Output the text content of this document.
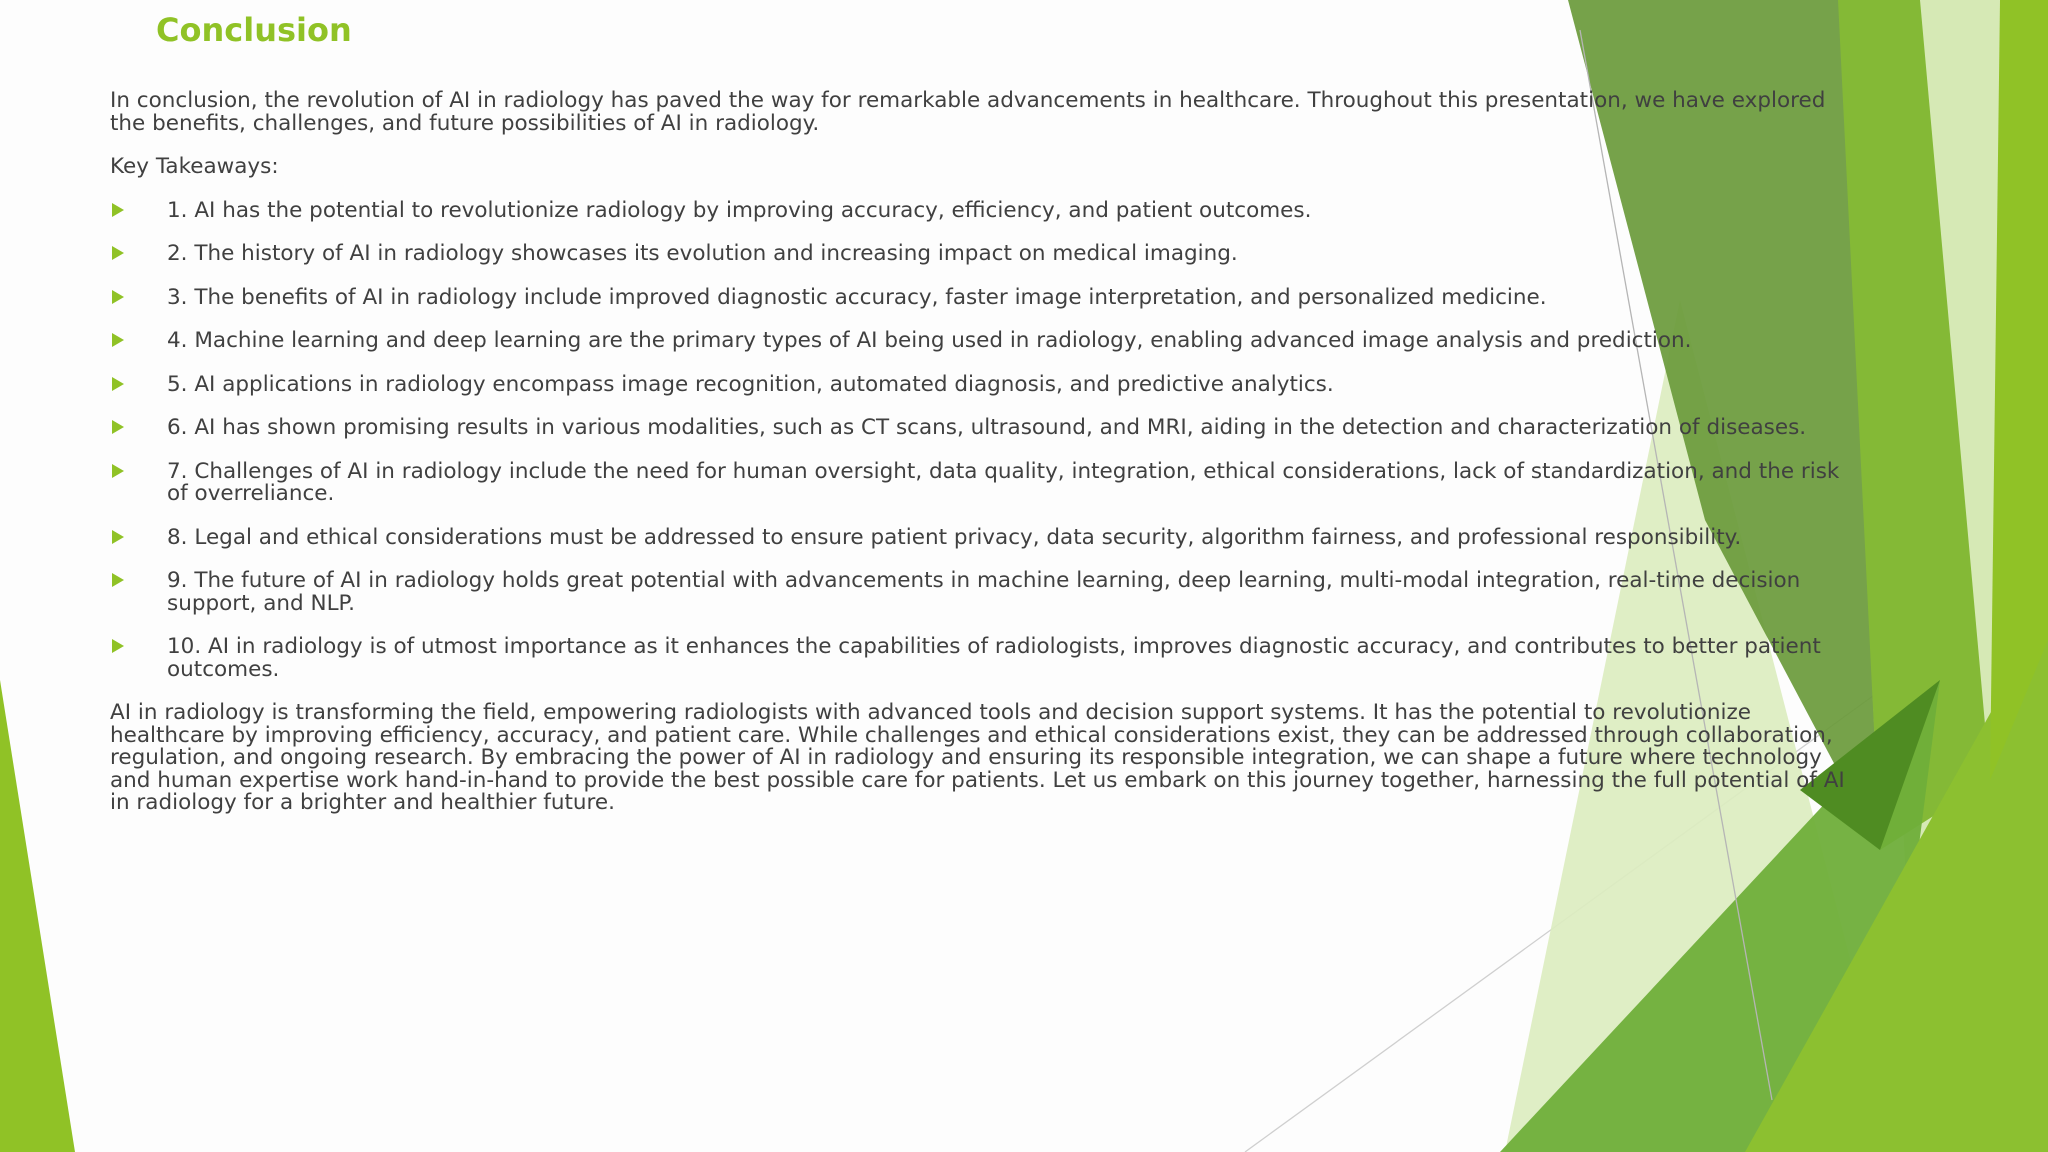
Conclusion

In conclusion, the revolution of AI in radiology has paved the way for remarkable advancements in healthcare. Throughout this presentation, we have explored the benefits, challenges, and future possibilities of AI in radiology.

Key Takeaways:

1. AI has the potential to revolutionize radiology by improving accuracy, efficiency, and patient outcomes.
2. The history of AI in radiology showcases its evolution and increasing impact on medical imaging.
3. The benefits of AI in radiology include improved diagnostic accuracy, faster image interpretation, and personalized medicine.
4. Machine learning and deep learning are the primary types of AI being used in radiology, enabling advanced image analysis and prediction.
5. AI applications in radiology encompass image recognition, automated diagnosis, and predictive analytics.
6. AI has shown promising results in various modalities, such as CT scans, ultrasound, and MRI, aiding in the detection and characterization of diseases.
7. Challenges of AI in radiology include the need for human oversight, data quality, integration, ethical considerations, lack of standardization, and the risk of overreliance.
8. Legal and ethical considerations must be addressed to ensure patient privacy, data security, algorithm fairness, and professional responsibility.
9. The future of AI in radiology holds great potential with advancements in machine learning, deep learning, multi-modal integration, real-time decision support, and NLP.
10. AI in radiology is of utmost importance as it enhances the capabilities of radiologists, improves diagnostic accuracy, and contributes to better patient outcomes.

AI in radiology is transforming the field, empowering radiologists with advanced tools and decision support systems. It has the potential to revolutionize healthcare by improving efficiency, accuracy, and patient care. While challenges and ethical considerations exist, they can be addressed through collaboration, regulation, and ongoing research. By embracing the power of AI in radiology and ensuring its responsible integration, we can shape a future where technology and human expertise work hand-in-hand to provide the best possible care for patients. Let us embark on this journey together, harnessing the full potential of AI in radiology for a brighter and healthier future.
